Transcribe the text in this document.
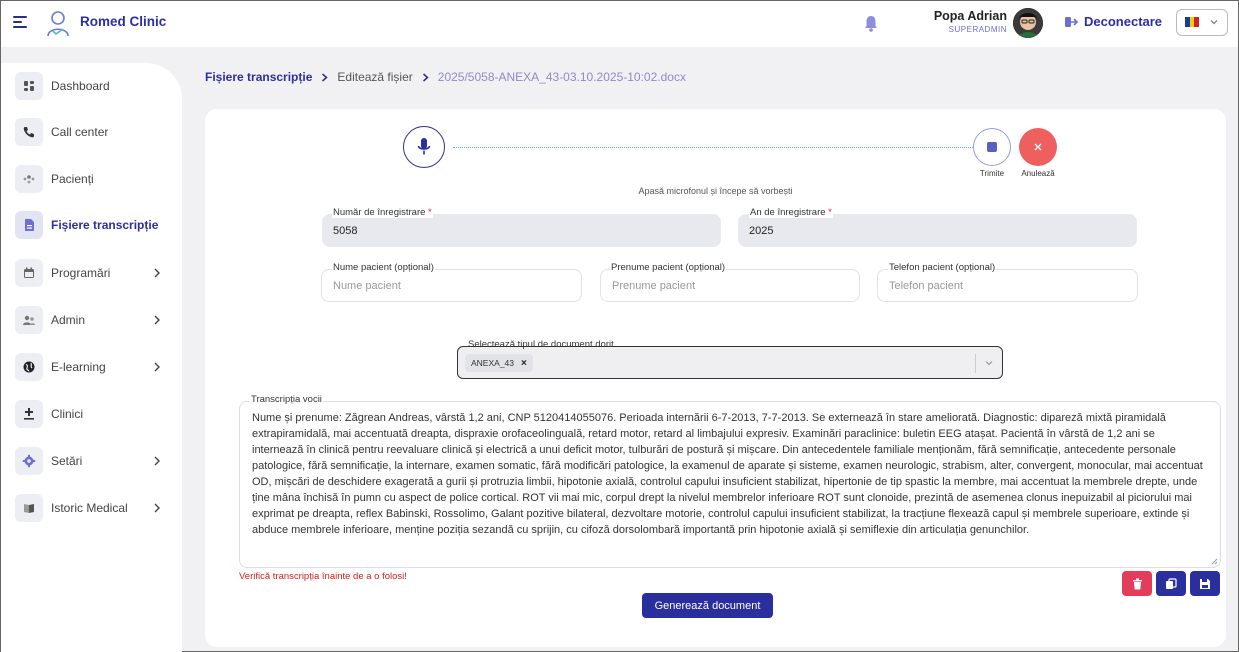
Romed Clinic	Popa Adrian
SUPERADMIN
Deconectare
Dashboard
Call center
Pacienți
Fișiere transcripție
Programări
Admin
E-learning
Clinici
Setări
Istoric Medical
Fișiere transcripție Editează fișier 2025/5058-ANEXA_43-03.10.2025-10:02.docx
Trimite	Anulează
Apasă microfonul și începe să vorbești
5058
Număr de înregistrare *
2025
An de înregistrare *
Nume pacient
Nume pacient (opțional)
Prenume pacient
Prenume pacient (opțional)
Telefon pacient
Telefon pacient (opțional)
ANEXA_43 ×
Selectează tipul de document dorit
Nume și prenume: Zăgrean Andreas, vârstă 1,2 ani, CNP 5120414055076. Perioada internării 6-7-2013, 7-7-2013. Se externează în stare ameliorată. Diagnostic: dipareză mixtă piramidală extrapiramidală, mai accentuată dreapta, dispraxie orofaceolinguală, retard motor, retard al limbajului expresiv. Examinări paraclinice: buletin EEG atașat. Pacientă în vârstă de 1,2 ani se internează în clinică pentru reevaluare clinică și electrică a unui deficit motor, tulburări de postură și mișcare. Din antecedentele familiale menționăm, fără semnificație, antecedente personale patologice, fără semnificație, la internare, examen somatic, fără modificări patologice, la examenul de aparate și sisteme, examen neurologic, strabism, alter, convergent, monocular, mai accentuat OD, mișcări de deschidere exagerată a gurii și protruzia limbii, hipotonie axială, controlul capului insuficient stabilizat, hipertonie de tip spastic la membre, mai accentuat la membrele drepte, unde ține mâna închisă în pumn cu aspect de police cortical. ROT vii mai mic, corpul drept la nivelul membrelor inferioare ROT sunt clonoide, prezintă de asemenea clonus inepuizabil al piciorului mai exprimat pe dreapta, reflex Babinski, Rossolimo, Galant pozitive bilateral, dezvoltare motorie, controlul capului insuficient stabilizat, la tracțiune flexează capul și membrele superioare, extinde și abduce membrele inferioare, menține poziția sezandă cu sprijin, cu cifoză dorsolombară importantă prin hipotonie axială și semiflexie din articulația genunchilor.
Transcripția vocii
Verifică transcripția înainte de a o folosi!
Generează document
